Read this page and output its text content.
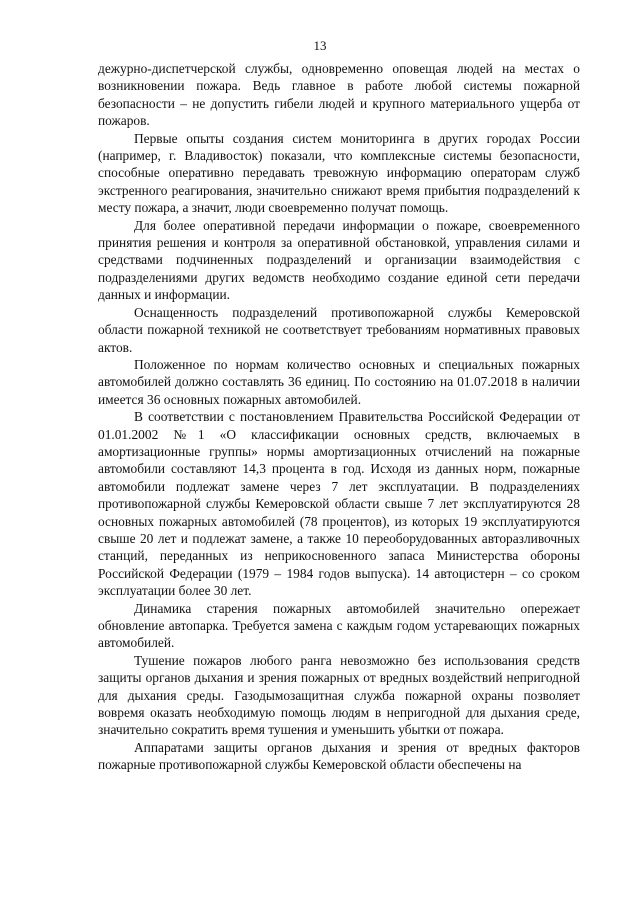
13

дежурно-диспетчерской службы, одновременно оповещая людей на местах о возникновении пожара. Ведь главное в работе любой системы пожарной безопасности – не допустить гибели людей и крупного материального ущерба от пожаров.

Первые опыты создания систем мониторинга в других городах России (например, г. Владивосток) показали, что комплексные системы безопасности, способные оперативно передавать тревожную информацию операторам служб экстренного реагирования, значительно снижают время прибытия подразделений к месту пожара, а значит, люди своевременно получат помощь.

Для более оперативной передачи информации о пожаре, своевременного принятия решения и контроля за оперативной обстановкой, управления силами и средствами подчиненных подразделений и организации взаимодействия с подразделениями других ведомств необходимо создание единой сети передачи данных и информации.

Оснащенность подразделений противопожарной службы Кемеровской области пожарной техникой не соответствует требованиям нормативных правовых актов.

Положенное по нормам количество основных и специальных пожарных автомобилей должно составлять 36 единиц. По состоянию на 01.07.2018 в наличии имеется 36 основных пожарных автомобилей.

В соответствии с постановлением Правительства Российской Федерации от 01.01.2002 №1 «О классификации основных средств, включаемых в амортизационные группы» нормы амортизационных отчислений на пожарные автомобили составляют 14,3 процента в год. Исходя из данных норм, пожарные автомобили подлежат замене через 7 лет эксплуатации. В подразделениях противопожарной службы Кемеровской области свыше 7 лет эксплуатируются 28 основных пожарных автомобилей (78 процентов), из которых 19 эксплуатируются свыше 20 лет и подлежат замене, а также 10 переоборудованных авторазливочных станций, переданных из неприкосновенного запаса Министерства обороны Российской Федерации (1979 – 1984 годов выпуска). 14 автоцистерн – со сроком эксплуатации более 30 лет.

Динамика старения пожарных автомобилей значительно опережает обновление автопарка. Требуется замена с каждым годом устаревающих пожарных автомобилей.

Тушение пожаров любого ранга невозможно без использования средств защиты органов дыхания и зрения пожарных от вредных воздействий непригодной для дыхания среды. Газодымозащитная служба пожарной охраны позволяет вовремя оказать необходимую помощь людям в непригодной для дыхания среде, значительно сократить время тушения и уменьшить убытки от пожара.

Аппаратами защиты органов дыхания и зрения от вредных факторов пожарные противопожарной службы Кемеровской области обеспечены на
